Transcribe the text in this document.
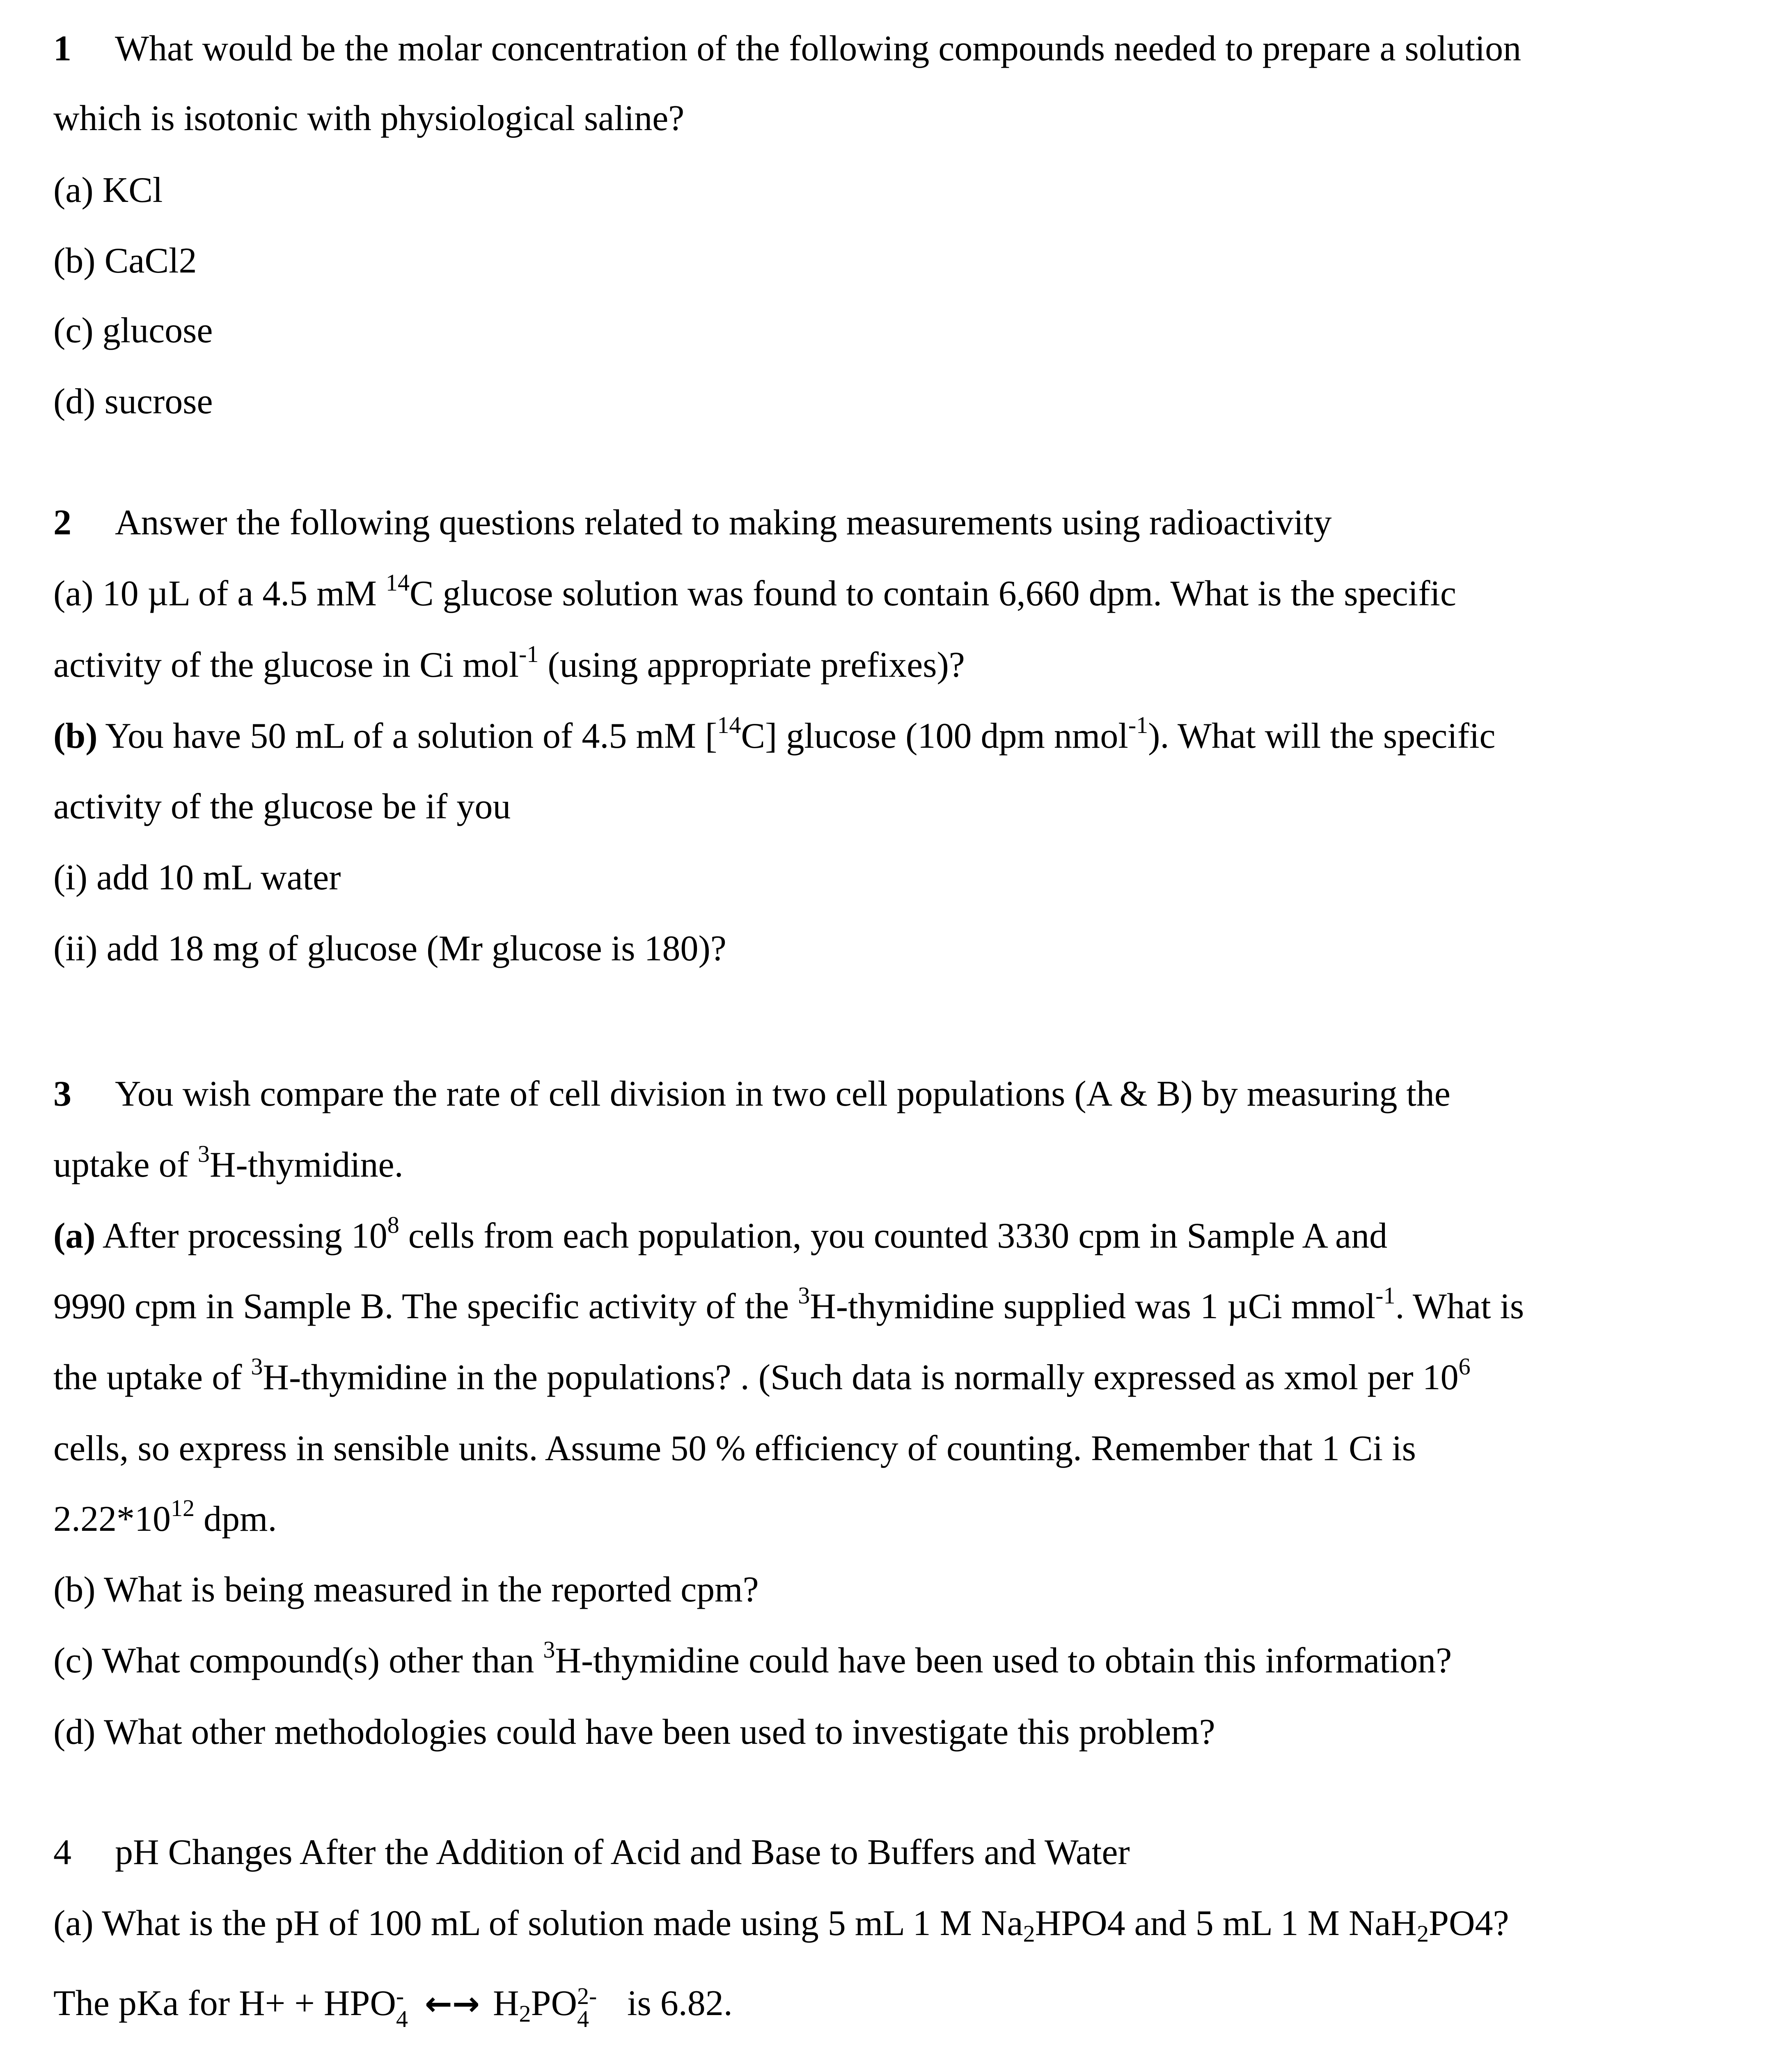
1 What would be the molar concentration of the following compounds needed to prepare a solution
which is isotonic with physiological saline?
(a) KCl
(b) CaCl2
(c) glucose
(d) sucrose
2 Answer the following questions related to making measurements using radioactivity
(a) 10 µL of a 4.5 mM $^{14}$C glucose solution was found to contain 6,660 dpm. What is the specific
activity of the glucose in Ci mol$^{-1}$ (using appropriate prefixes)?
(b) You have 50 mL of a solution of 4.5 mM [$^{14}$C] glucose (100 dpm nmol$^{-1}$). What will the specific
activity of the glucose be if you
(i) add 10 mL water
(ii) add 18 mg of glucose (Mr glucose is 180)?
3 You wish compare the rate of cell division in two cell populations (A & B) by measuring the
uptake of $^3$H-thymidine.
(a) After processing $10^8$ cells from each population, you counted 3330 cpm in Sample A and
9990 cpm in Sample B. The specific activity of the $^3$H-thymidine supplied was 1 µCi mmol$^{-1}$. What is
the uptake of $^3$H-thymidine in the populations? . (Such data is normally expressed as xmol per $10^6$
cells, so express in sensible units. Assume 50 % efficiency of counting. Remember that 1 Ci is
$2.22*10^{12}$ dpm.
(b) What is being measured in the reported cpm?
(c) What compound(s) other than $^3$H-thymidine could have been used to obtain this information?
(d) What other methodologies could have been used to investigate this problem?
4 pH Changes After the Addition of Acid and Base to Buffers and Water
(a) What is the pH of 100 mL of solution made using 5 mL 1 M $Na_2HPO4$ and 5 mL 1 M NaH$_2$PO4?
The pKa for H+ + HPO -
4 ←→ $H_2PO$ 2-
4 is 6.82.
